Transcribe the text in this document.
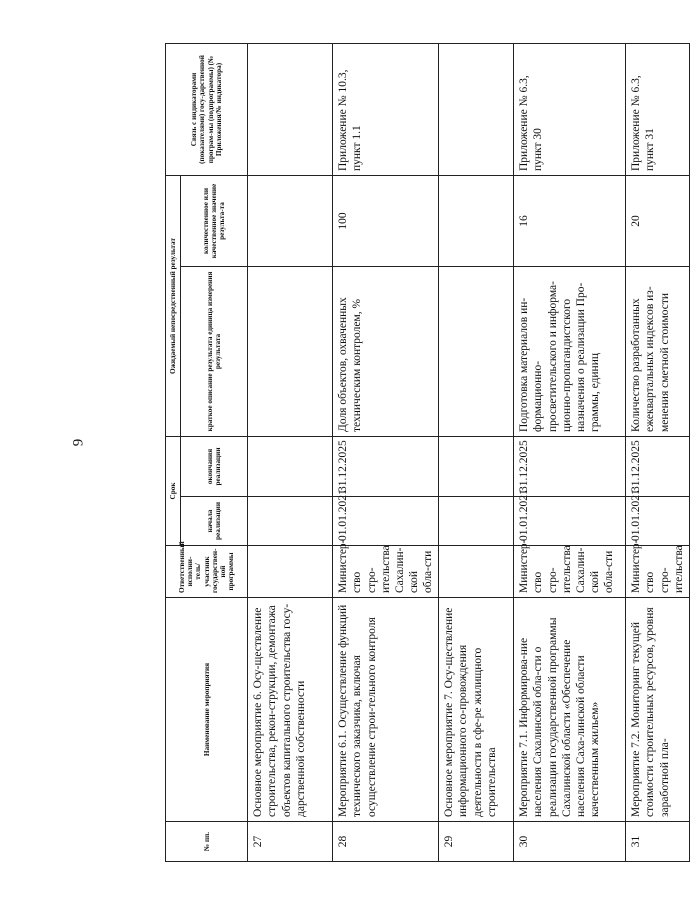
9
№ пп.	Наименование мероприятия	Ответственный исполни-тель/участник государствен-ной программы	Срок		Ожидаемый непосредственный результат		Связь с индикаторами (показателями) госу-дарственной програм-мы (подпрограммы) (№ Приложения/№ индикатора)
			начала реализации	окончания реализации	краткое описание результата единица измерения результата	количественное или качественное значение результа-та	
27	Основное мероприятие 6. Осу-ществление строительства, рекон-струкции, демонтажа объектов капитального строительства госу-дарственной собственности						
28	Мероприятие 6.1. Осуществление функций технического заказчика, включая осуществление строи-тельного контроля	Министер-ство стро-ительства Сахалин-ской обла-сти	01.01.2021	31.12.2025	Доля объектов, охваченных техническим контролем, %	100	Приложение № 10.3, пункт 1.1
29	Основное мероприятие 7. Осу-ществление информационного со-провождения деятельности в сфе-ре жилищного строительства						
30	Мероприятие 7.1. Информирова-ние населения Сахалинской обла-сти о реализации государственной программы Сахалинской области «Обеспечение населения Саха-линской области качественным жильем»	Министер-ство стро-ительства Сахалин-ской обла-сти	01.01.2021	31.12.2025	Подготовка материалов ин-формационно-просветительского и информа-ционно-пропагандистского назначения о реализации Про-граммы, единиц	16	Приложение № 6.3, пункт 30
31	Мероприятие 7.2. Мониторинг текущей стоимости строительных ресурсов, уровня заработной пла-	Министер-ство стро-ительства	01.01.2021	31.12.2025	Количество разработанных ежеквартальных индексов из-менения сметной стоимости	20	Приложение № 6.3, пункт 31
